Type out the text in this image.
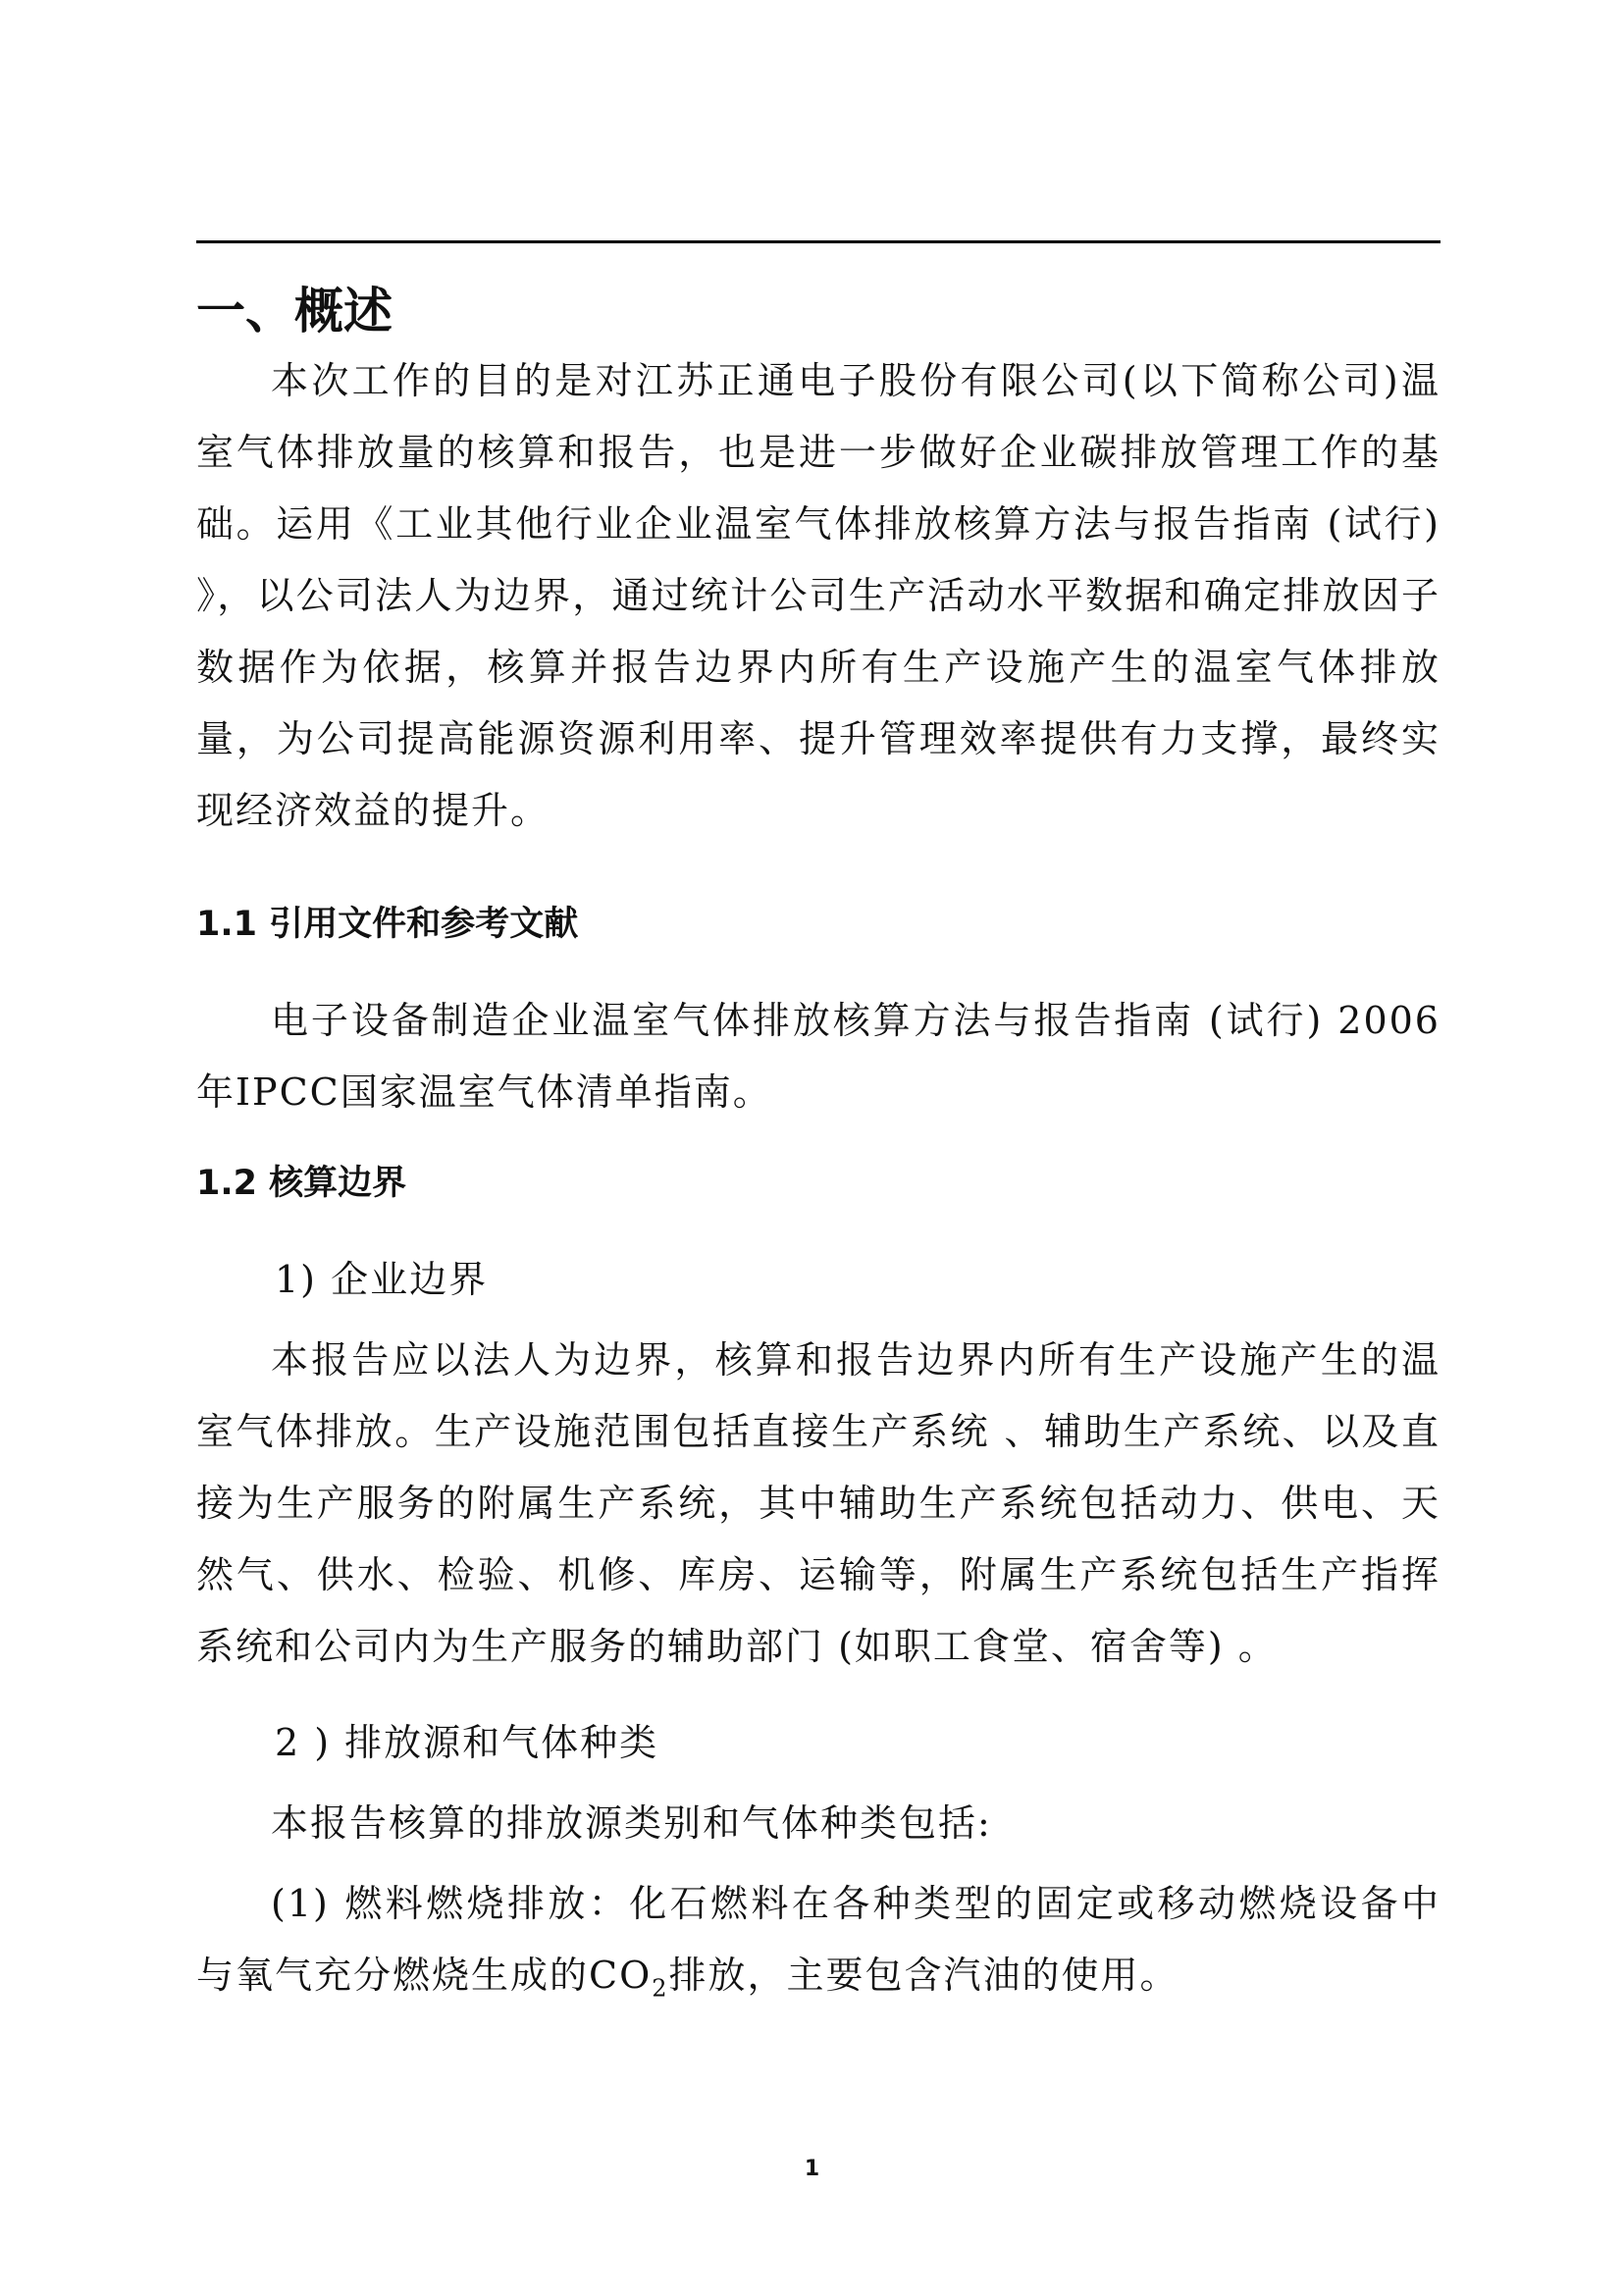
一、概述

本次工作的目的是对江苏正通电子股份有限公司(以下简称公司)温室气体排放量的核算和报告，也是进一步做好企业碳排放管理工作的基础。运用《工业其他行业企业温室气体排放核算方法与报告指南 (试行) 》，以公司法人为边界，通过统计公司生产活动水平数据和确定排放因子数据作为依据，核算并报告边界内所有生产设施产生的温室气体排放量，为公司提高能源资源利用率、提升管理效率提供有力支撑，最终实现经济效益的提升。

1.1 引用文件和参考文献

电子设备制造企业温室气体排放核算方法与报告指南 (试行) 2006年IPCC国家温室气体清单指南。

1.2 核算边界

1) 企业边界

本报告应以法人为边界，核算和报告边界内所有生产设施产生的温室气体排放。生产设施范围包括直接生产系统 、辅助生产系统、以及直接为生产服务的附属生产系统，其中辅助生产系统包括动力、供电、天然气、供水、检验、机修、库房、运输等，附属生产系统包括生产指挥系统和公司内为生产服务的辅助部门 (如职工食堂、宿舍等) 。

2 ) 排放源和气体种类

本报告核算的排放源类别和气体种类包括:

(1) 燃料燃烧排放：化石燃料在各种类型的固定或移动燃烧设备中与氧气充分燃烧生成的$CO_2$排放，主要包含汽油的使用。

1
